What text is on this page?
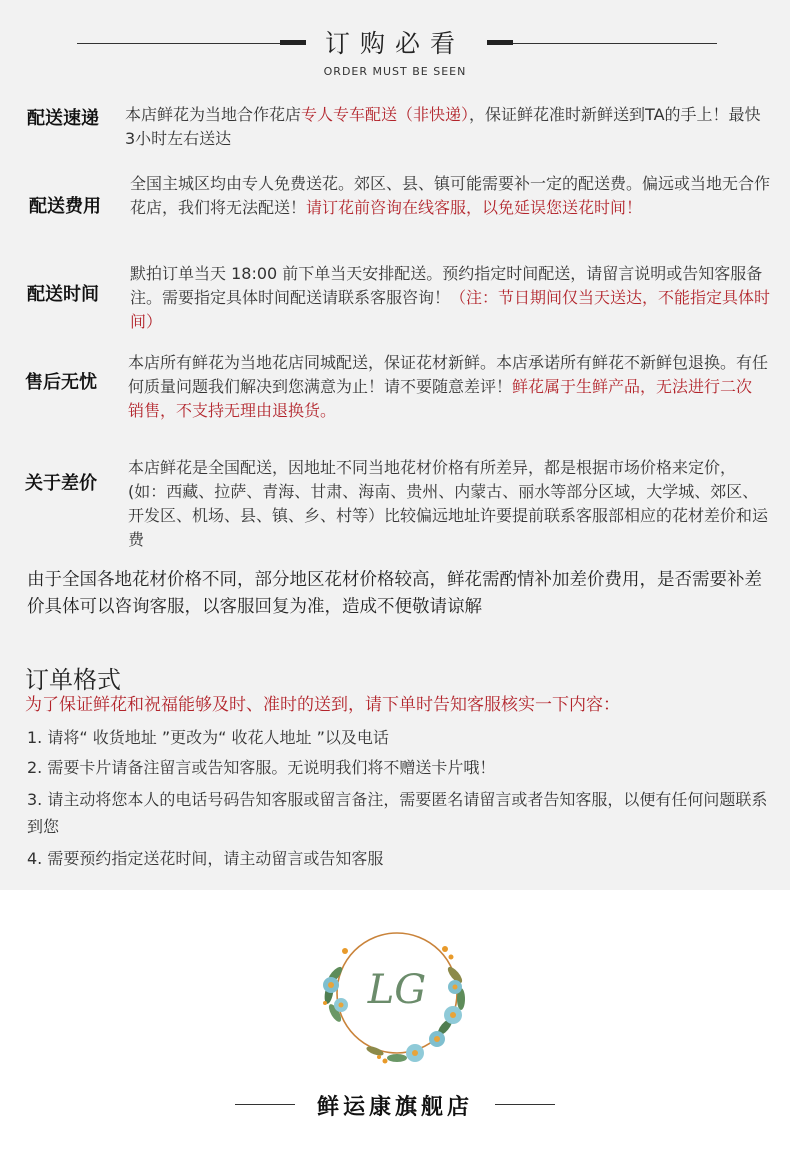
订购必看
ORDER MUST BE SEEN
配送速递 本店鲜花为当地合作花店专人专车配送（非快递），保证鲜花准时新鲜送到TA的手上！最快3小时左右送达
配送费用
全国主城区均由专人免费送花。郊区、县、镇可能需要补一定的配送费。偏远或当地无合作花店，我们将无法配送！请订花前咨询在线客服，以免延误您送花时间！
配送时间
默拍订单当天 18:00 前下单当天安排配送。预约指定时间配送，请留言说明或告知客服备注。需要指定具体时间配送请联系客服咨询！（注：节日期间仅当天送达，不能指定具体时间）
售后无忧
本店所有鲜花为当地花店同城配送，保证花材新鲜。本店承诺所有鲜花不新鲜包退换。有任何质量问题我们解决到您满意为止！请不要随意差评！鲜花属于生鲜产品，无法进行二次销售，不支持无理由退换货。
关于差价
本店鲜花是全国配送，因地址不同当地花材价格有所差异，都是根据市场价格来定价，(如：西藏、拉萨、青海、甘肃、海南、贵州、内蒙古、丽水等部分区域，大学城、郊区、开发区、机场、县、镇、乡、村等）比较偏远地址许要提前联系客服部相应的花材差价和运费
由于全国各地花材价格不同，部分地区花材价格较高，鲜花需酌情补加差价费用，是否需要补差价具体可以咨询客服，以客服回复为准，造成不便敬请谅解
订单格式
为了保证鲜花和祝福能够及时、准时的送到，请下单时告知客服核实一下内容：
1. 请将“ 收货地址 ”更改为“ 收花人地址 ”以及电话
2. 需要卡片请备注留言或告知客服。无说明我们将不赠送卡片哦！
3. 请主动将您本人的电话号码告知客服或留言备注，需要匿名请留言或者告知客服，以便有任何问题联系到您
4. 需要预约指定送花时间，请主动留言或告知客服
LG
鲜运康旗舰店
